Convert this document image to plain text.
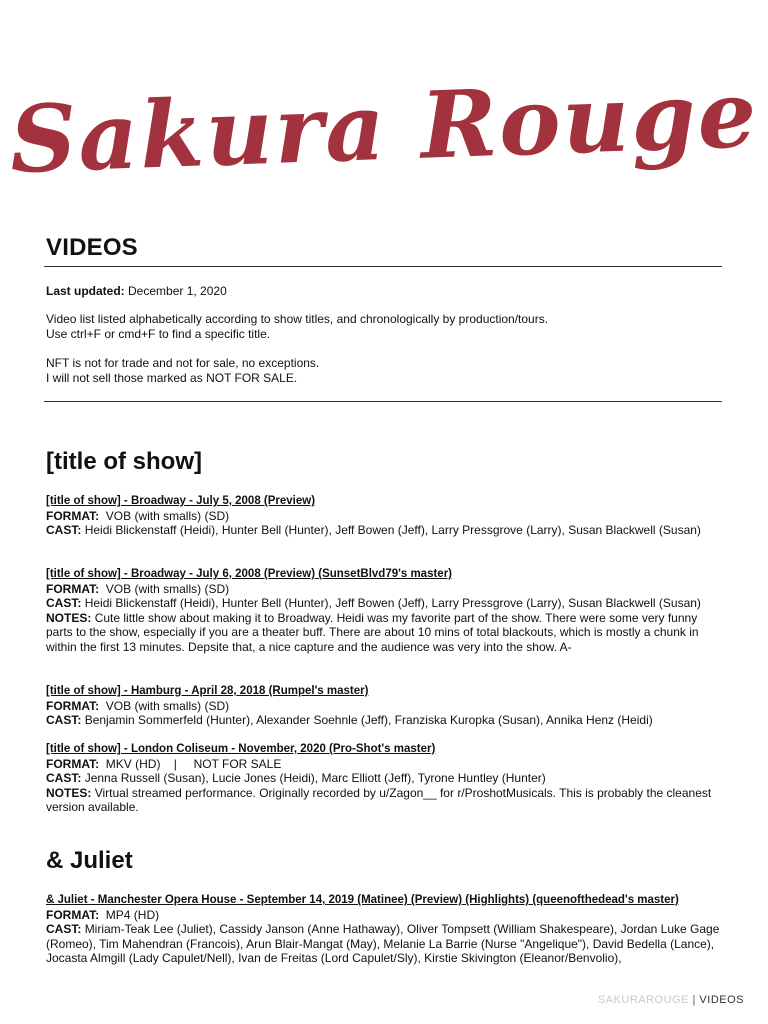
Sakura Rouge
VIDEOS
Last updated: December 1, 2020

Video list listed alphabetically according to show titles, and chronologically by production/tours.

Use ctrl+F or cmd+F to find a specific title.

NFT is not for trade and not for sale, no exceptions.

I will not sell those marked as NOT FOR SALE.

[title of show]
[title of show] - Broadway - July 5, 2008 (Preview)
FORMAT: VOB (with smalls) (SD)
CAST: Heidi Blickenstaff (Heidi), Hunter Bell (Hunter), Jeff Bowen (Jeff), Larry Pressgrove (Larry), Susan Blackwell (Susan)
[title of show] - Broadway - July 6, 2008 (Preview) (SunsetBlvd79's master)
FORMAT: VOB (with smalls) (SD)
CAST: Heidi Blickenstaff (Heidi), Hunter Bell (Hunter), Jeff Bowen (Jeff), Larry Pressgrove (Larry), Susan Blackwell (Susan)
NOTES: Cute little show about making it to Broadway. Heidi was my favorite part of the show. There were some very funny parts to the show, especially if you are a theater buff. There are about 10 mins of total blackouts, which is mostly a chunk in within the first 13 minutes. Depsite that, a nice capture and the audience was very into the show. A-
[title of show] - Hamburg - April 28, 2018 (Rumpel's master)
FORMAT: VOB (with smalls) (SD)
CAST: Benjamin Sommerfeld (Hunter), Alexander Soehnle (Jeff), Franziska Kuropka (Susan), Annika Henz (Heidi)
[title of show] - London Coliseum - November, 2020 (Pro-Shot's master)
FORMAT: MKV (HD)    |     NOT FOR SALE
CAST: Jenna Russell (Susan), Lucie Jones (Heidi), Marc Elliott (Jeff), Tyrone Huntley (Hunter)
NOTES: Virtual streamed performance. Originally recorded by u/Zagon__ for r/ProshotMusicals. This is probably the cleanest version available.
& Juliet
& Juliet - Manchester Opera House - September 14, 2019 (Matinee) (Preview) (Highlights) (queenofthedead's master)
FORMAT: MP4 (HD)
CAST: Miriam-Teak Lee (Juliet), Cassidy Janson (Anne Hathaway), Oliver Tompsett (William Shakespeare), Jordan Luke Gage (Romeo), Tim Mahendran (Francois), Arun Blair-Mangat (May), Melanie La Barrie (Nurse "Angelique"), David Bedella (Lance), Jocasta Almgill (Lady Capulet/Nell), Ivan de Freitas (Lord Capulet/Sly), Kirstie Skivington (Eleanor/Benvolio),
SAKURAROUGE | VIDEOS
